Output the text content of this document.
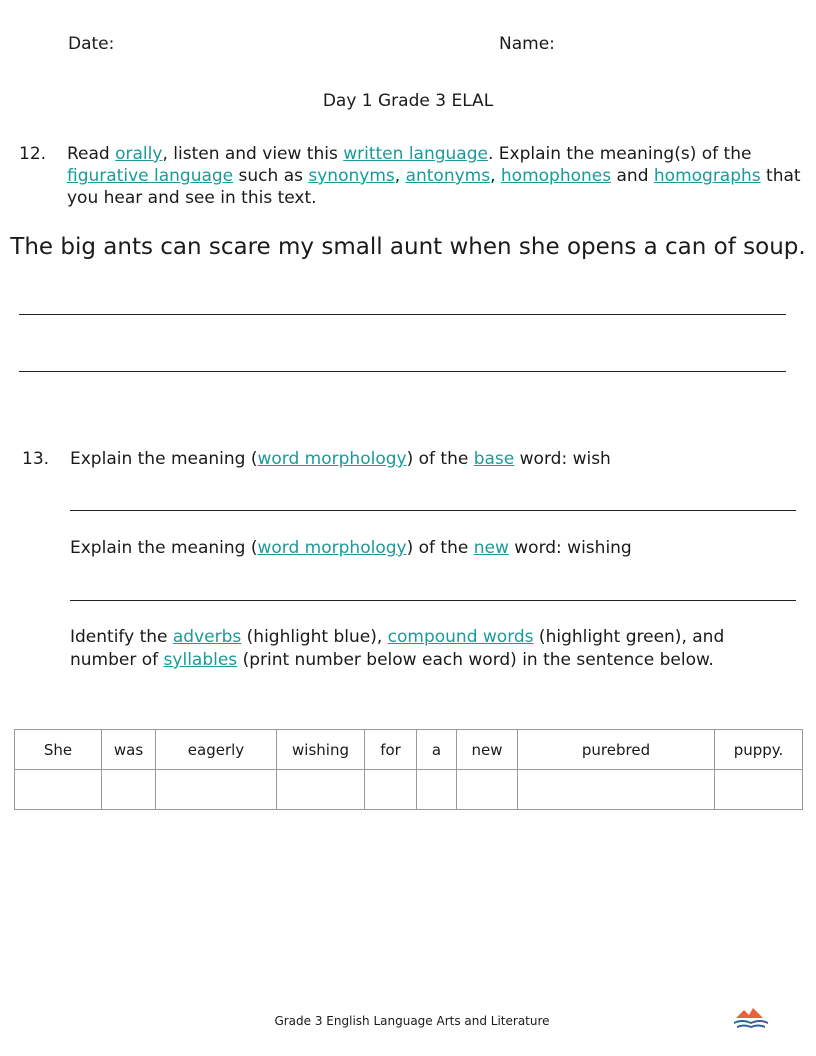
Date:	Name:
Day 1 Grade 3 ELAL
12. Read orally, listen and view this written language. Explain the meaning(s) of the
figurative language such as synonyms, antonyms, homophones and homographs that
you hear and see in this text.
The big ants can scare my small aunt when she opens a can of soup.
13. Explain the meaning (word morphology) of the base word: wish
Explain the meaning (word morphology) of the new word: wishing
Identify the adverbs (highlight blue), compound words (highlight green), and
number of syllables (print number below each word) in the sentence below.
She	was	eagerly	wishing	for	a	new	purebred	puppy.

Grade 3 English Language Arts and Literature
